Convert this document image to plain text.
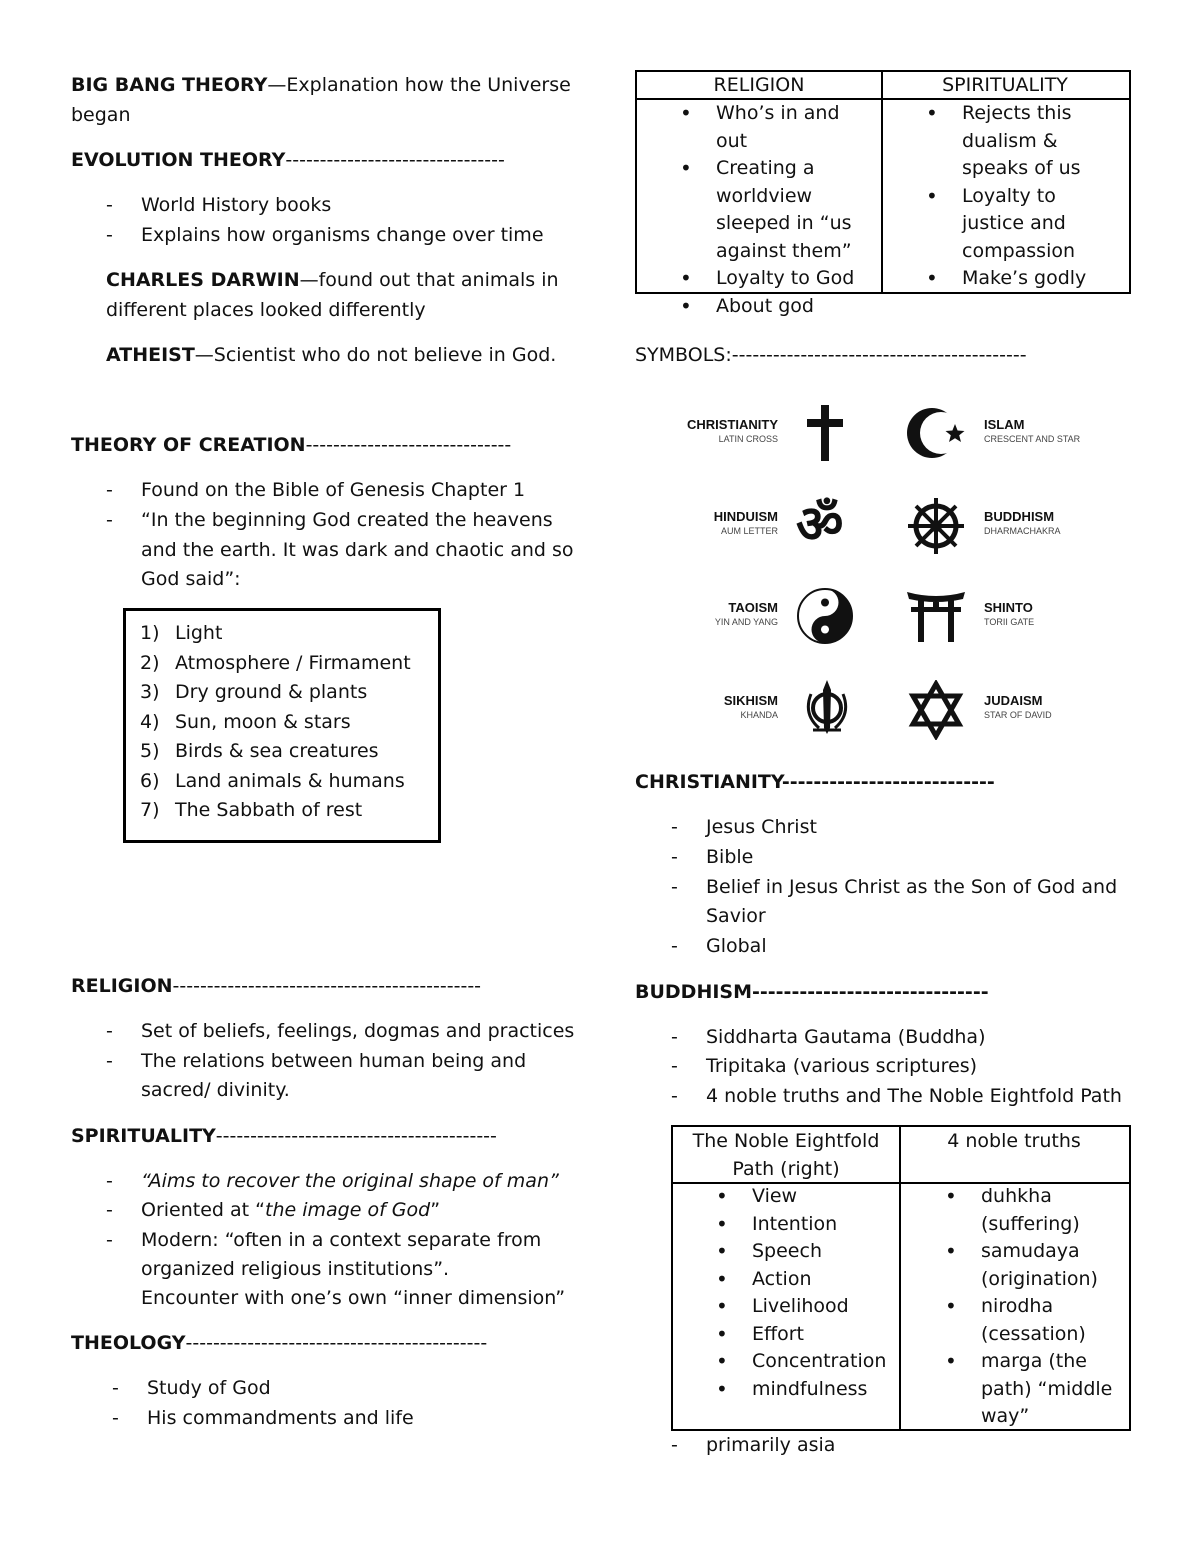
BIG BANG THEORY—Explanation how the Universe
began
EVOLUTION THEORY--------------------------------
- World History books
- Explains how organisms change over time
CHARLES DARWIN—found out that animals in
different places looked differently
ATHEIST—Scientist who do not believe in God.
THEORY OF CREATION------------------------------
- Found on the Bible of Genesis Chapter 1
- “In the beginning God created the heavens
and the earth. It was dark and chaotic and so
God said”:
1) Light
2) Atmosphere / Firmament
3) Dry ground & plants
4) Sun, moon & stars
5) Birds & sea creatures
6) Land animals & humans
7) The Sabbath of rest
RELIGION---------------------------------------------
- Set of beliefs, feelings, dogmas and practices
- The relations between human being and
sacred/ divinity.
SPIRITUALITY-----------------------------------------
- “Aims to recover the original shape of man”
- Oriented at “the image of God”
- Modern: “often in a context separate from
organized religious institutions”.
Encounter with one’s own “inner dimension”
THEOLOGY--------------------------------------------
- Study of God
- His commandments and life
RELIGION	SPIRITUALITY
• Who’s in and out
• Creating a worldview sleeped in “us against them”
• Loyalty to God
• About god
• Rejects this dualism & speaks of us
• Loyalty to justice and compassion
• Make’s godly
SYMBOLS:-------------------------------------------
CHRISTIANITY
LATIN CROSS
ISLAM
CRESCENT AND STAR
HINDUISM
AUM LETTER ॐ	BUDDHISM
DHARMACHAKRA
TAOISM
YIN AND YANG
SHINTO
TORII GATE
SIKHISM
KHANDA
JUDAISM
STAR OF DAVID
CHRISTIANITY---------------------------
- Jesus Christ
- Bible
- Belief in Jesus Christ as the Son of God and
Savior
- Global
BUDDHISM------------------------------
- Siddharta Gautama (Buddha)
- Tripitaka (various scriptures)
- 4 noble truths and The Noble Eightfold Path
The Noble Eightfold Path (right)
4 noble truths
• View
• Intention
• Speech
• Action
• Livelihood
• Effort
• Concentration
• mindfulness
• duhkha (suffering)
• samudaya (origination)
• nirodha (cessation)
• marga (the path) “middle way”
- primarily asia
